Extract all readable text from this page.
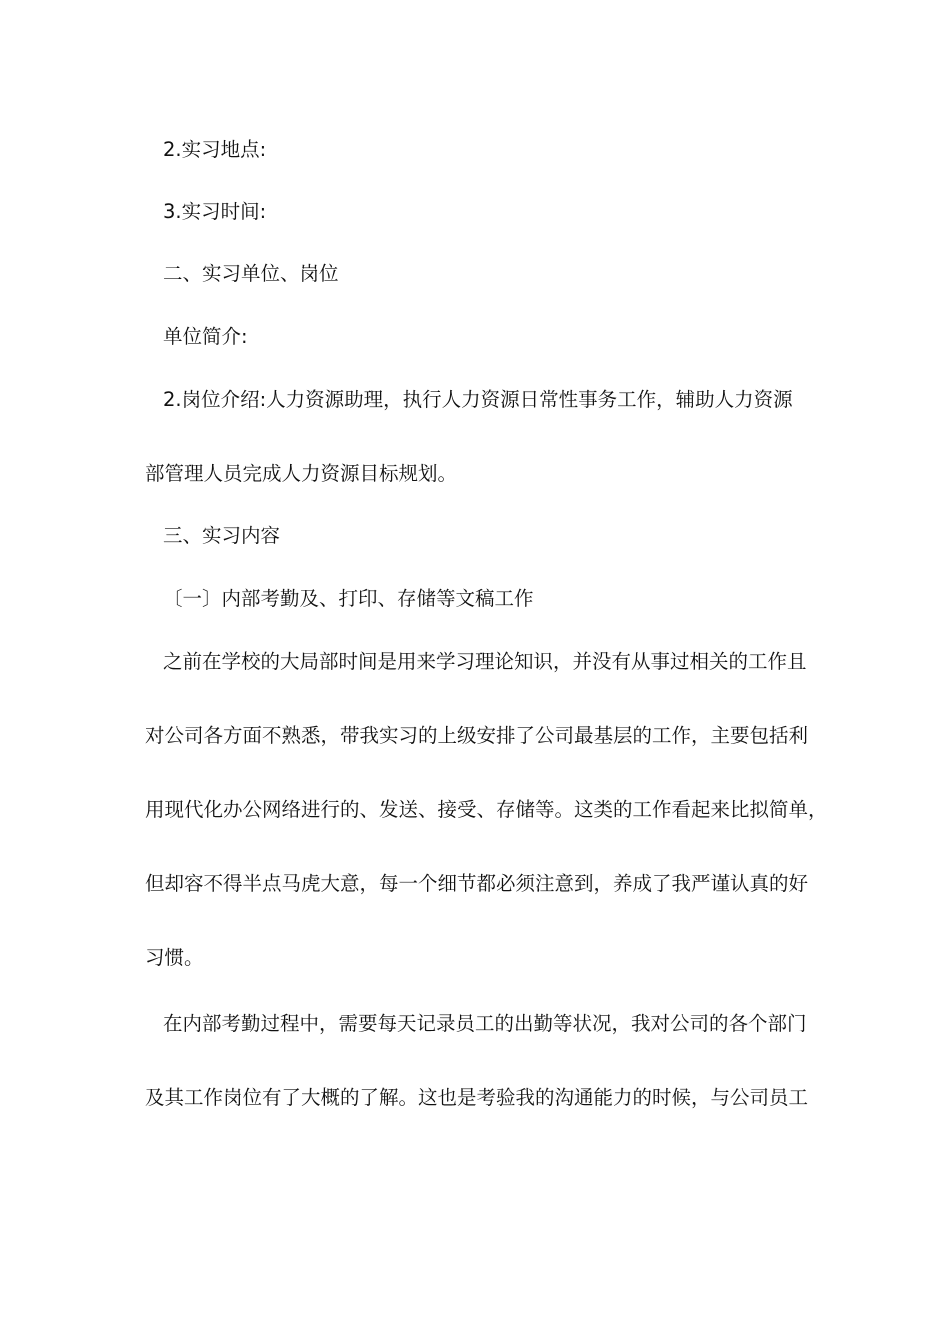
2.实习地点:
3.实习时间:
二、实习单位、岗位
单位简介:
2.岗位介绍:人力资源助理，执行人力资源日常性事务工作，辅助人力资源
部管理人员完成人力资源目标规划。
三、实习内容
〔一〕内部考勤及、打印、存储等文稿工作
之前在学校的大局部时间是用来学习理论知识，并没有从事过相关的工作且
对公司各方面不熟悉，带我实习的上级安排了公司最基层的工作，主要包括利
用现代化办公网络进行的、发送、接受、存储等。这类的工作看起来比拟简单，
但却容不得半点马虎大意，每一个细节都必须注意到，养成了我严谨认真的好
习惯。
在内部考勤过程中，需要每天记录员工的出勤等状况，我对公司的各个部门
及其工作岗位有了大概的了解。这也是考验我的沟通能力的时候，与公司员工
